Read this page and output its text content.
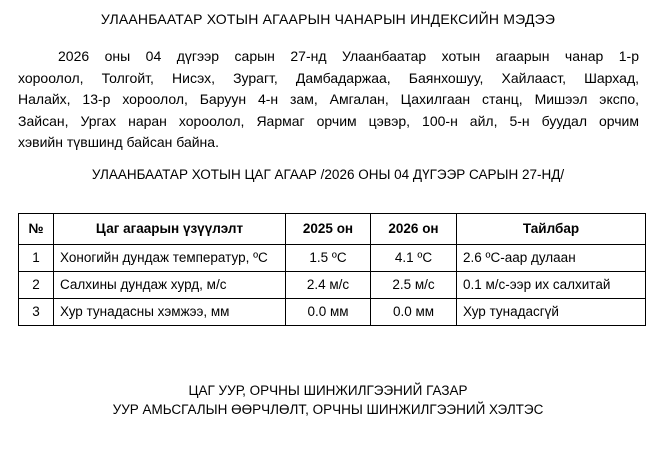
УЛААНБААТАР ХОТЫН АГААРЫН ЧАНАРЫН ИНДЕКСИЙН МЭДЭЭ
2026 оны 04 дүгээр сарын 27-нд Улаанбаатар хотын агаарын чанар 1-р
хороолол, Толгойт, Нисэх, Зурагт, Дамбадаржаа, Баянхошуу, Хайлааст, Шархад,
Налайх, 13-р хороолол, Баруун 4-н зам, Амгалан, Цахилгаан станц, Мишээл экспо,
Зайсан, Ургах наран хороолол, Яармаг орчим цэвэр, 100-н айл, 5-н буудал орчим
хэвийн түвшинд байсан байна.
УЛААНБААТАР ХОТЫН ЦАГ АГААР /2026 ОНЫ 04 ДҮГЭЭР САРЫН 27-НД/
№	Цаг агаарын үзүүлэлт	2025 он	2026 он	Тайлбар
1	Хоногийн дундаж температур, ºС	1.5 ºС	4.1 ºС	2.6 ºС-аар дулаан
2	Салхины дундаж хурд, м/с	2.4 м/с	2.5 м/с	0.1 м/с-ээр их салхитай
3	Хур тунадасны хэмжээ, мм	0.0 мм	0.0 мм	Хур тунадасгүй
ЦАГ УУР, ОРЧНЫ ШИНЖИЛГЭЭНИЙ ГАЗАР
УУР АМЬСГАЛЫН ӨӨРЧЛӨЛТ, ОРЧНЫ ШИНЖИЛГЭЭНИЙ ХЭЛТЭС
